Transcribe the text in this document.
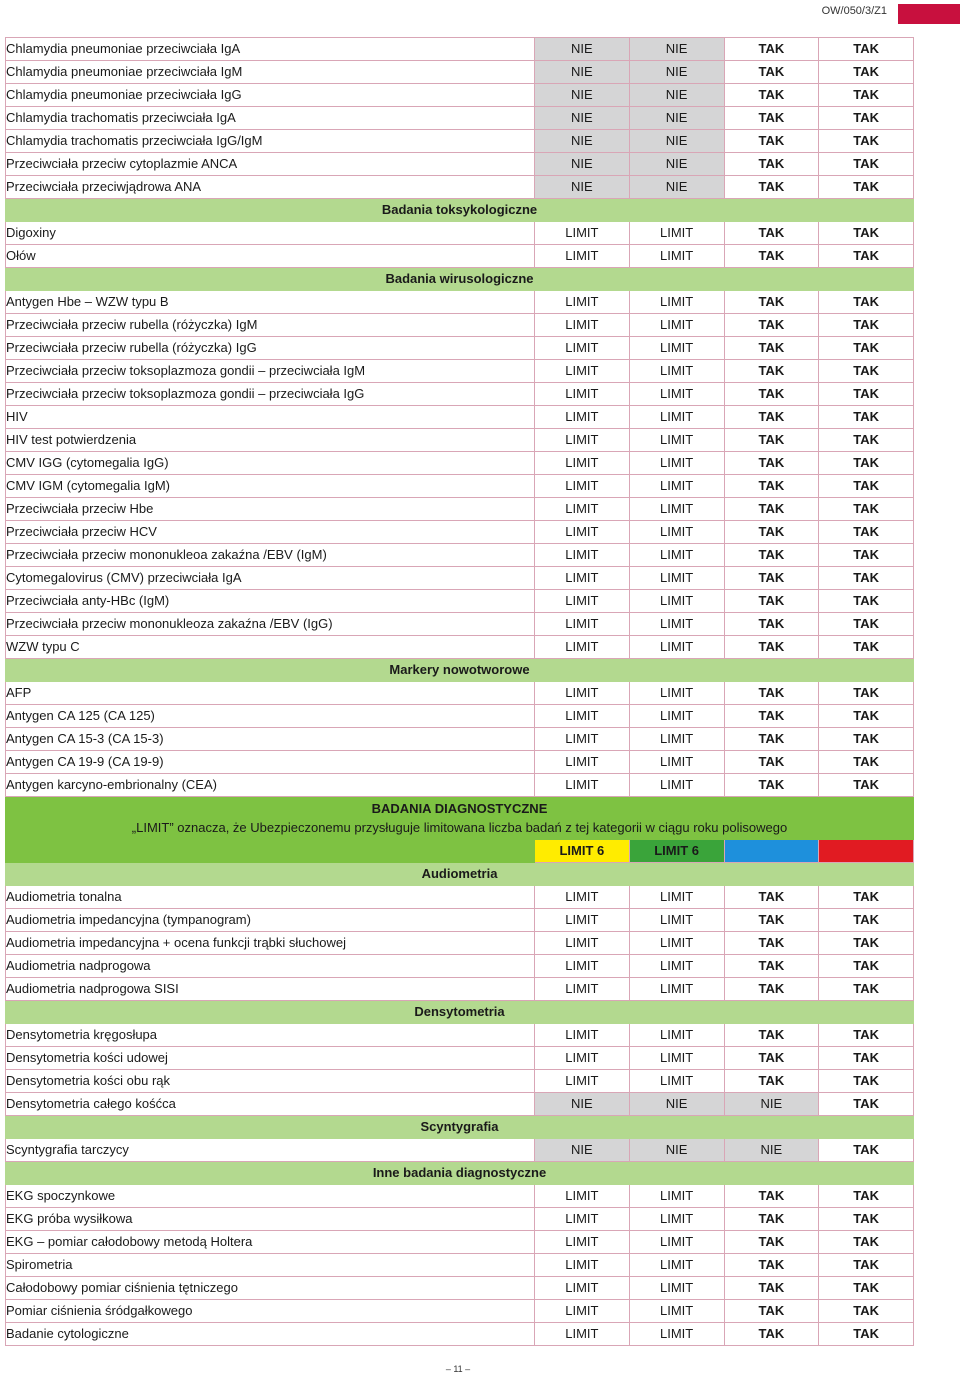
OW/050/3/Z1
Chlamydia pneumoniae przeciwciała IgA	NIE	NIE	TAK	TAK
Chlamydia pneumoniae przeciwciała IgM	NIE	NIE	TAK	TAK
Chlamydia pneumoniae przeciwciała IgG	NIE	NIE	TAK	TAK
Chlamydia trachomatis przeciwciała IgA	NIE	NIE	TAK	TAK
Chlamydia trachomatis przeciwciała IgG/IgM	NIE	NIE	TAK	TAK
Przeciwciała przeciw cytoplazmie ANCA	NIE	NIE	TAK	TAK
Przeciwciała przeciwjądrowa ANA	NIE	NIE	TAK	TAK
Badania toksykologiczne				
Digoxiny	LIMIT	LIMIT	TAK	TAK
Ołów	LIMIT	LIMIT	TAK	TAK
Badania wirusologiczne				
Antygen Hbe – WZW typu B	LIMIT	LIMIT	TAK	TAK
Przeciwciała przeciw rubella (różyczka) IgM	LIMIT	LIMIT	TAK	TAK
Przeciwciała przeciw rubella (różyczka) IgG	LIMIT	LIMIT	TAK	TAK
Przeciwciała przeciw toksoplazmoza gondii – przeciwciała IgM	LIMIT	LIMIT	TAK	TAK
Przeciwciała przeciw toksoplazmoza gondii – przeciwciała IgG	LIMIT	LIMIT	TAK	TAK
HIV	LIMIT	LIMIT	TAK	TAK
HIV test potwierdzenia	LIMIT	LIMIT	TAK	TAK
CMV IGG (cytomegalia IgG)	LIMIT	LIMIT	TAK	TAK
CMV IGM (cytomegalia IgM)	LIMIT	LIMIT	TAK	TAK
Przeciwciała przeciw Hbe	LIMIT	LIMIT	TAK	TAK
Przeciwciała przeciw HCV	LIMIT	LIMIT	TAK	TAK
Przeciwciała przeciw mononukleoa zakaźna /EBV (IgM)	LIMIT	LIMIT	TAK	TAK
Cytomegalovirus (CMV) przeciwciała IgA	LIMIT	LIMIT	TAK	TAK
Przeciwciała anty-HBc (IgM)	LIMIT	LIMIT	TAK	TAK
Przeciwciała przeciw mononukleoza zakaźna /EBV (IgG)	LIMIT	LIMIT	TAK	TAK
WZW typu C	LIMIT	LIMIT	TAK	TAK
Markery nowotworowe				
AFP	LIMIT	LIMIT	TAK	TAK
Antygen CA 125 (CA 125)	LIMIT	LIMIT	TAK	TAK
Antygen CA 15-3 (CA 15-3)	LIMIT	LIMIT	TAK	TAK
Antygen CA 19-9 (CA 19-9)	LIMIT	LIMIT	TAK	TAK
Antygen karcyno-embrionalny (CEA)	LIMIT	LIMIT	TAK	TAK

BADANIA DIAGNOSTYCZNE
„LIMIT” oznacza, że Ubezpieczonemu przysługuje limitowana liczba badań z tej kategorii w ciągu roku polisowego				

	LIMIT 6	LIMIT 6		
Audiometria				
Audiometria tonalna	LIMIT	LIMIT	TAK	TAK
Audiometria impedancyjna (tympanogram)	LIMIT	LIMIT	TAK	TAK
Audiometria impedancyjna + ocena funkcji trąbki słuchowej	LIMIT	LIMIT	TAK	TAK
Audiometria nadprogowa	LIMIT	LIMIT	TAK	TAK
Audiometria nadprogowa SISI	LIMIT	LIMIT	TAK	TAK
Densytometria				
Densytometria kręgosłupa	LIMIT	LIMIT	TAK	TAK
Densytometria kości udowej	LIMIT	LIMIT	TAK	TAK
Densytometria kości obu rąk	LIMIT	LIMIT	TAK	TAK
Densytometria całego kośćca	NIE	NIE	NIE	TAK
Scyntygrafia				
Scyntygrafia tarczycy	NIE	NIE	NIE	TAK
Inne badania diagnostyczne				
EKG spoczynkowe	LIMIT	LIMIT	TAK	TAK
EKG próba wysiłkowa	LIMIT	LIMIT	TAK	TAK
EKG – pomiar całodobowy metodą Holtera	LIMIT	LIMIT	TAK	TAK
Spirometria	LIMIT	LIMIT	TAK	TAK
Całodobowy pomiar ciśnienia tętniczego	LIMIT	LIMIT	TAK	TAK
Pomiar ciśnienia śródgałkowego	LIMIT	LIMIT	TAK	TAK
Badanie cytologiczne	LIMIT	LIMIT	TAK	TAK
– 11 –
